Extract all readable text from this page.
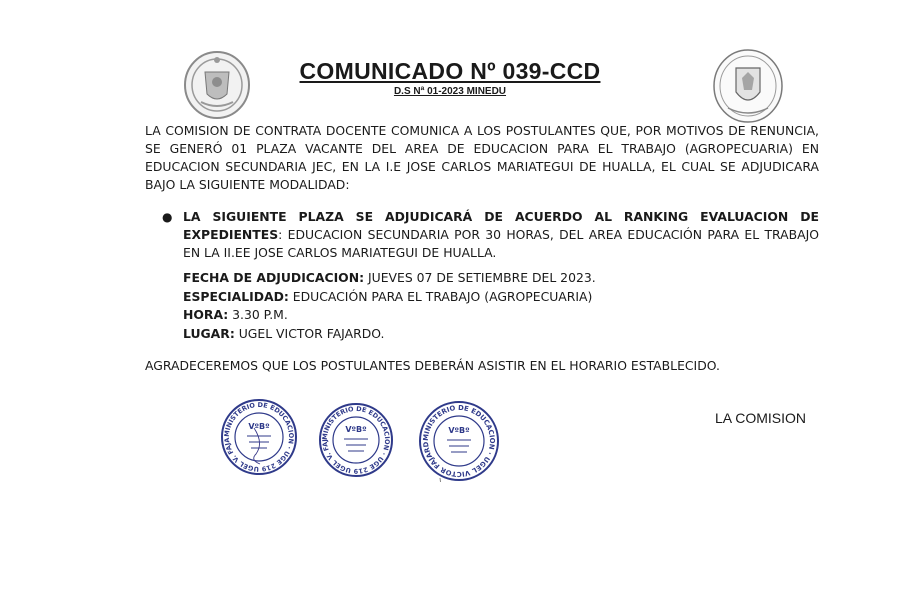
COMUNICADO Nº 039-CCD
D.S Nª 01-2023 MINEDU
LA COMISION DE CONTRATA DOCENTE COMUNICA A LOS POSTULANTES QUE, POR MOTIVOS DE RENUNCIA, SE GENERÓ 01 PLAZA VACANTE DEL AREA DE EDUCACION PARA EL TRABAJO (AGROPECUARIA) EN EDUCACION SECUNDARIA JEC, EN LA I.E JOSE CARLOS MARIATEGUI DE HUALLA, EL CUAL SE ADJUDICARA BAJO LA SIGUIENTE MODALIDAD:
● LA SIGUIENTE PLAZA SE ADJUDICARÁ DE ACUERDO AL RANKING EVALUACION DE EXPEDIENTES: EDUCACION SECUNDARIA POR 30 HORAS, DEL AREA EDUCACIÓN PARA EL TRABAJO EN LA II.EE JOSE CARLOS MARIATEGUI DE HUALLA.
FECHA DE ADJUDICACION: JUEVES 07 DE SETIEMBRE DEL 2023.
ESPECIALIDAD: EDUCACIÓN PARA EL TRABAJO (AGROPECUARIA)
HORA: 3.30 P.M.
LUGAR: UGEL VICTOR FAJARDO.
AGRADECEREMOS QUE LOS POSTULANTES DEBERÁN ASISTIR EN EL HORARIO ESTABLECIDO.
MINISTERIO DE EDUCACION · UGE 219 UGEL V. FAJA
VºBº
MINISTERIO DE EDUCACION · UGE 219 UGEL V. FAJ
VºBº
MINISTERIO DE EDUCACION · UGEL VICTOR FAJARD
VºBº
LA COMISION
